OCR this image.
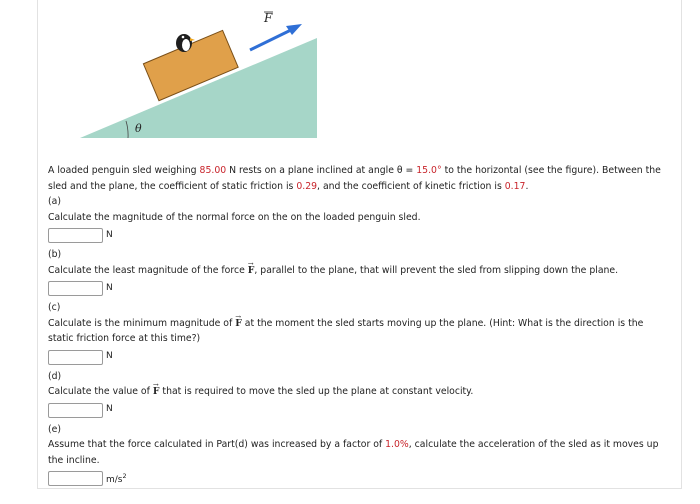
θ
F

A loaded penguin sled weighing 85.00 N rests on a plane inclined at angle θ = 15.0° to the horizontal (see the figure). Between the sled and the plane, the coefficient of static friction is 0.29, and the coefficient of kinetic friction is 0.17.

(a)

Calculate the magnitude of the normal force on the on the loaded penguin sled.

N

(b)

Calculate the least magnitude of the force → F, parallel to the plane, that will prevent the sled from slipping down the plane.

N

(c)

Calculate is the minimum magnitude of → F at the moment the sled starts moving up the plane. (Hint: What is the direction is the static friction force at this time?)

N

(d)

Calculate the value of → F that is required to move the sled up the plane at constant velocity.

N

(e)

Assume that the force calculated in Part(d) was increased by a factor of 1.0%, calculate the acceleration of the sled as it moves up the incline.

$m/s^2$
